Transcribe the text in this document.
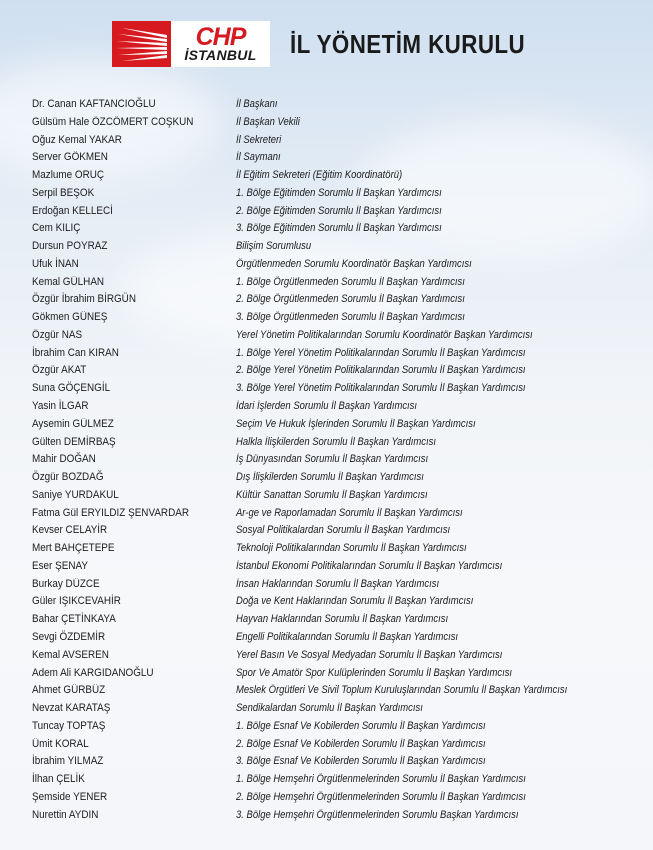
CHP
İSTANBUL İL YÖNETİM KURULU
Dr. Canan KAFTANCIOĞLU	İl Başkanı
Gülsüm Hale ÖZCÖMERT COŞKUN	İl Başkan Vekili
Oğuz Kemal YAKAR	İl Sekreteri
Server GÖKMEN	İl Saymanı
Mazlume ORUÇ	İl Eğitim Sekreteri (Eğitim Koordinatörü)
Serpil BEŞOK	1. Bölge Eğitimden Sorumlu İl Başkan Yardımcısı
Erdoğan KELLECİ	2. Bölge Eğitimden Sorumlu İl Başkan Yardımcısı
Cem KILIÇ	3. Bölge Eğitimden Sorumlu İl Başkan Yardımcısı
Dursun POYRAZ	Bilişim Sorumlusu
Ufuk İNAN	Örgütlenmeden Sorumlu Koordinatör Başkan Yardımcısı
Kemal GÜLHAN	1. Bölge Örgütlenmeden Sorumlu İl Başkan Yardımcısı
Özgür İbrahim BİRGÜN	2. Bölge Örgütlenmeden Sorumlu İl Başkan Yardımcısı
Gökmen GÜNEŞ	3. Bölge Örgütlenmeden Sorumlu İl Başkan Yardımcısı
Özgür NAS	Yerel Yönetim Politikalarından Sorumlu Koordinatör Başkan Yardımcısı
İbrahim Can KIRAN	1. Bölge Yerel Yönetim Politikalarından Sorumlu İl Başkan Yardımcısı
Özgür AKAT	2. Bölge Yerel Yönetim Politikalarından Sorumlu İl Başkan Yardımcısı
Suna GÖÇENGİL	3. Bölge Yerel Yönetim Politikalarından Sorumlu İl Başkan Yardımcısı
Yasin İLGAR	İdari İşlerden Sorumlu İl Başkan Yardımcısı
Aysemin GÜLMEZ	Seçim Ve Hukuk İşlerinden Sorumlu İl Başkan Yardımcısı
Gülten DEMİRBAŞ	Halkla İlişkilerden Sorumlu İl Başkan Yardımcısı
Mahir DOĞAN	İş Dünyasından Sorumlu İl Başkan Yardımcısı
Özgür BOZDAĞ	Dış İlişkilerden Sorumlu İl Başkan Yardımcısı
Saniye YURDAKUL	Kültür Sanattan Sorumlu İl Başkan Yardımcısı
Fatma Gül ERYILDIZ ŞENVARDAR	Ar-ge ve Raporlamadan Sorumlu İl Başkan Yardımcısı
Kevser CELAYİR	Sosyal Politikalardan Sorumlu İl Başkan Yardımcısı
Mert BAHÇETEPE	Teknoloji Politikalarından Sorumlu İl Başkan Yardımcısı
Eser ŞENAY	İstanbul Ekonomi Politikalarından Sorumlu İl Başkan Yardımcısı
Burkay DÜZCE	İnsan Haklarından Sorumlu İl Başkan Yardımcısı
Güler IŞIKCEVAHİR	Doğa ve Kent Haklarından Sorumlu İl Başkan Yardımcısı
Bahar ÇETİNKAYA	Hayvan Haklarından Sorumlu İl Başkan Yardımcısı
Sevgi ÖZDEMİR	Engelli Politikalarından Sorumlu İl Başkan Yardımcısı
Kemal AVSEREN	Yerel Basın Ve Sosyal Medyadan Sorumlu İl Başkan Yardımcısı
Adem Ali KARGIDANOĞLU	Spor Ve Amatör Spor Kulüplerinden Sorumlu İl Başkan Yardımcısı
Ahmet GÜRBÜZ	Meslek Örgütleri Ve Sivil Toplum Kuruluşlarından Sorumlu İl Başkan Yardımcısı
Nevzat KARATAŞ	Sendikalardan Sorumlu İl Başkan Yardımcısı
Tuncay TOPTAŞ	1. Bölge Esnaf Ve Kobilerden Sorumlu İl Başkan Yardımcısı
Ümit KORAL	2. Bölge Esnaf Ve Kobilerden Sorumlu İl Başkan Yardımcısı
İbrahim YILMAZ	3. Bölge Esnaf Ve Kobilerden Sorumlu İl Başkan Yardımcısı
İlhan ÇELİK	1. Bölge Hemşehri Örgütlenmelerinden Sorumlu İl Başkan Yardımcısı
Şemside YENER	2. Bölge Hemşehri Örgütlenmelerinden Sorumlu İl Başkan Yardımcısı
Nurettin AYDIN	3. Bölge Hemşehri Örgütlenmelerinden Sorumlu Başkan Yardımcısı
